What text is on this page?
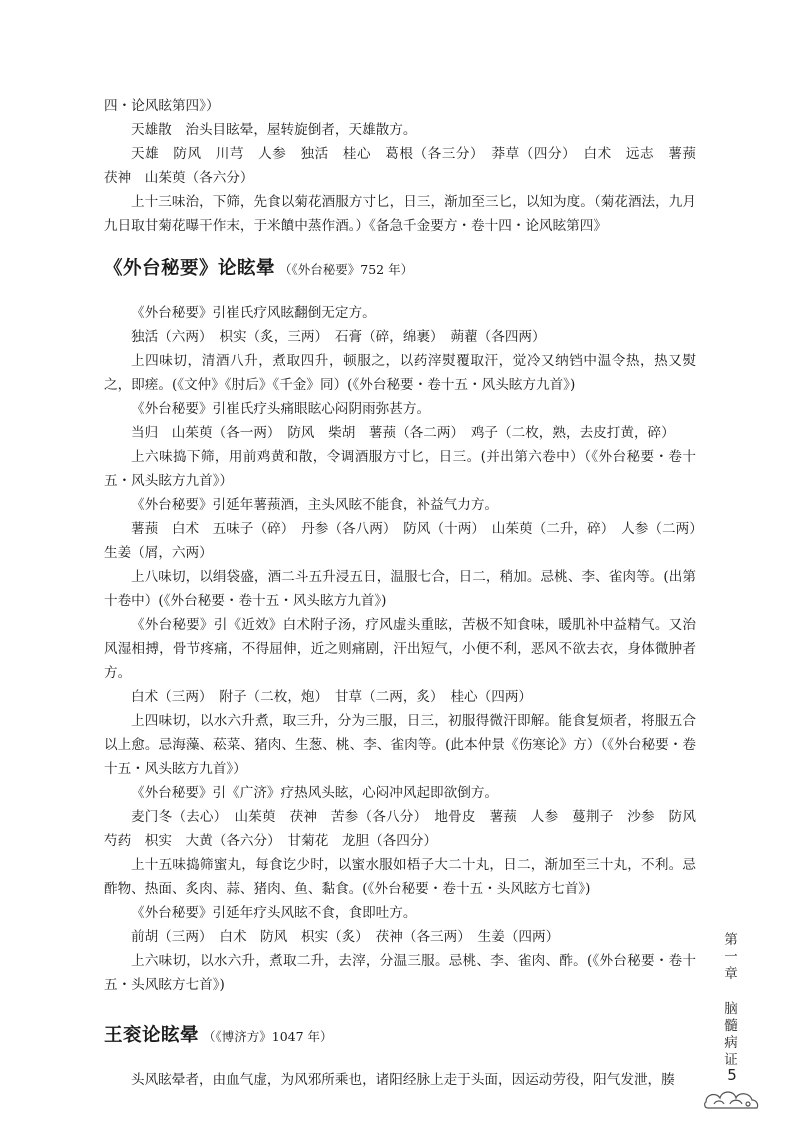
四・论风眩第四》）

天雄散　治头目眩晕，屋转旋倒者，天雄散方。

天雄　防风　川芎　人参　独活　桂心　葛根（各三分）　莽草（四分）　白术　远志　薯蓣　茯神　山茱萸（各六分）

上十三味治，下筛，先食以菊花酒服方寸匕，日三，渐加至三匕，以知为度。（菊花酒法，九月九日取甘菊花曝干作末，于米饙中蒸作酒。）《备急千金要方・卷十四・论风眩第四》

《外台秘要》论眩晕 （《外台秘要》752 年）

《外台秘要》引崔氏疗风眩翻倒无定方。

独活（六两）　枳实（炙，三两）　石膏（碎，绵裹）　蒴藋（各四两）

上四味切，清酒八升，煮取四升，顿服之，以药滓熨覆取汗，觉冷又纳铛中温令热，热又熨之，即瘥。(《文仲》《肘后》《千金》同）(《外台秘要・卷十五・风头眩方九首》)

《外台秘要》引崔氏疗头痛眼眩心闷阴雨弥甚方。

当归　山茱萸（各一两）　防风　柴胡　薯蓣（各二两）　鸡子（二枚，熟，去皮打黄，碎）

上六味捣下筛，用前鸡黄和散，令调酒服方寸匕，日三。(并出第六卷中）（《外台秘要・卷十五・风头眩方九首》）

《外台秘要》引延年薯蓣酒，主头风眩不能食，补益气力方。

薯蓣　白术　五味子（碎）　丹参（各八两）　防风（十两）　山茱萸（二升，碎）　人参（二两）　生姜（屑，六两）

上八味切，以绢袋盛，酒二斗五升浸五日，温服七合，日二，稍加。忌桃、李、雀肉等。(出第十卷中）(《外台秘要・卷十五・风头眩方九首》)

《外台秘要》引《近效》白术附子汤，疗风虚头重眩，苦极不知食味，暖肌补中益精气。又治风湿相搏，骨节疼痛，不得屈伸，近之则痛剧，汗出短气，小便不利，恶风不欲去衣，身体微肿者方。

白术（三两）　附子（二枚，炮）　甘草（二两，炙）　桂心（四两）

上四味切，以水六升煮，取三升，分为三服，日三，初服得微汗即解。能食复烦者，将服五合以上愈。忌海藻、菘菜、猪肉、生葱、桃、李、雀肉等。(此本仲景《伤寒论》方）（《外台秘要・卷十五・风头眩方九首》）

《外台秘要》引《广济》疗热风头眩，心闷冲风起即欲倒方。

麦门冬（去心）　山茱萸　茯神　苦参（各八分）　地骨皮　薯蓣　人参　蔓荆子　沙参　防风　芍药　枳实　大黄（各六分）　甘菊花　龙胆（各四分）

上十五味捣筛蜜丸，每食讫少时，以蜜水服如梧子大二十丸，日二，渐加至三十丸，不利。忌酢物、热面、炙肉、蒜、猪肉、鱼、黏食。(《外台秘要・卷十五・头风眩方七首》)

《外台秘要》引延年疗头风眩不食，食即吐方。

前胡（三两）　白术　防风　枳实（炙）　茯神（各三两）　生姜（四两）

上六味切，以水六升，煮取二升，去滓，分温三服。忌桃、李、雀肉、酢。(《外台秘要・卷十五・头风眩方七首》)

王衮论眩晕 （《博济方》1047 年）

头风眩晕者，由血气虚，为风邪所乘也，诸阳经脉上走于头面，因运动劳役，阳气发泄，腠

第
一
章
脑
髓
病
证
5
